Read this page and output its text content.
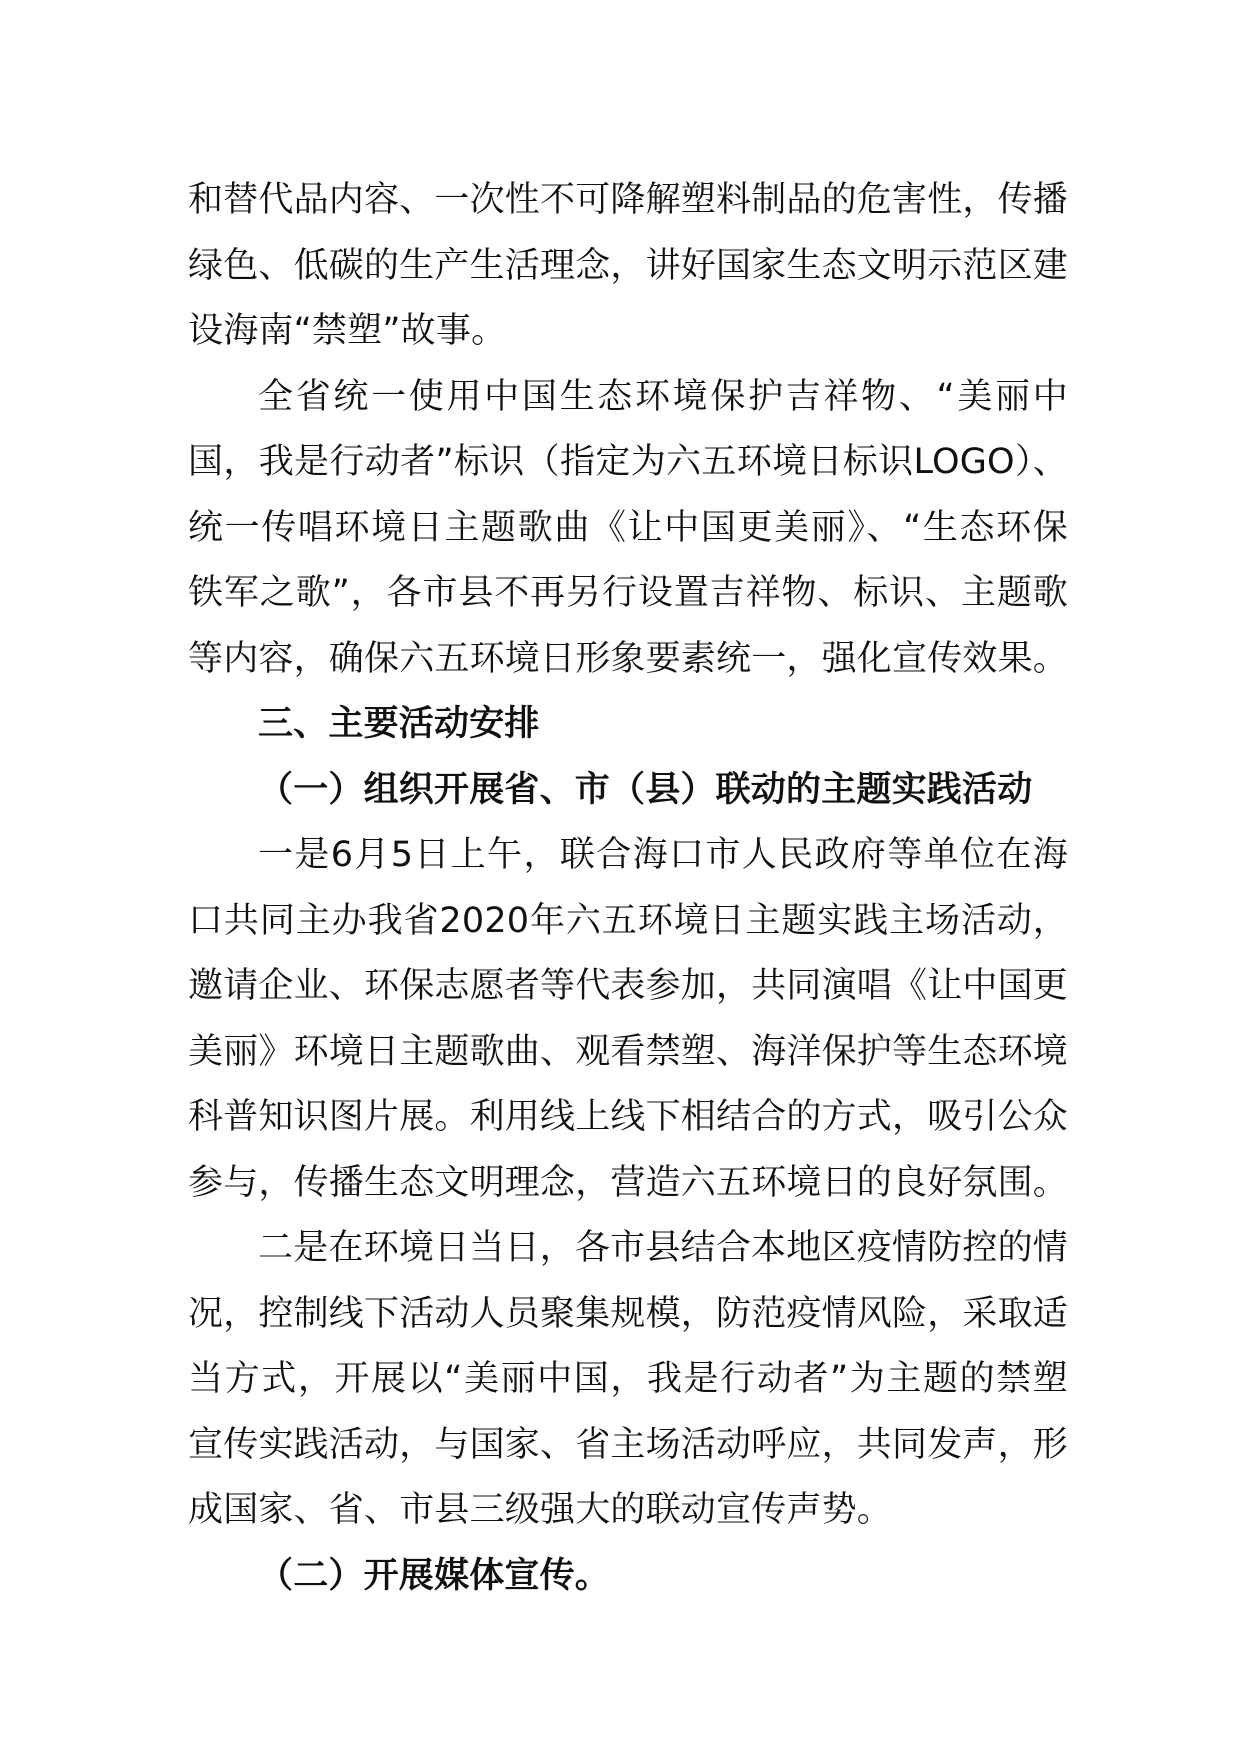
和替代品内容、一次性不可降解塑料制品的危害性，传播绿色、低碳的生产生活理念，讲好国家生态文明示范区建设海南“禁塑”故事。

全省统一使用中国生态环境保护吉祥物、“美丽中国，我是行动者”标识（指定为六五环境日标识LOGO）、统一传唱环境日主题歌曲《让中国更美丽》、“生态环保铁军之歌”，各市县不再另行设置吉祥物、标识、主题歌等内容，确保六五环境日形象要素统一，强化宣传效果。

三、主要活动安排

（一）组织开展省、市（县）联动的主题实践活动

一是6月5日上午，联合海口市人民政府等单位在海口共同主办我省2020年六五环境日主题实践主场活动，邀请企业、环保志愿者等代表参加，共同演唱《让中国更美丽》环境日主题歌曲、观看禁塑、海洋保护等生态环境科普知识图片展。利用线上线下相结合的方式，吸引公众参与，传播生态文明理念，营造六五环境日的良好氛围。

二是在环境日当日，各市县结合本地区疫情防控的情况，控制线下活动人员聚集规模，防范疫情风险，采取适当方式，开展以“美丽中国，我是行动者”为主题的禁塑宣传实践活动，与国家、省主场活动呼应，共同发声，形成国家、省、市县三级强大的联动宣传声势。

（二）开展媒体宣传。
